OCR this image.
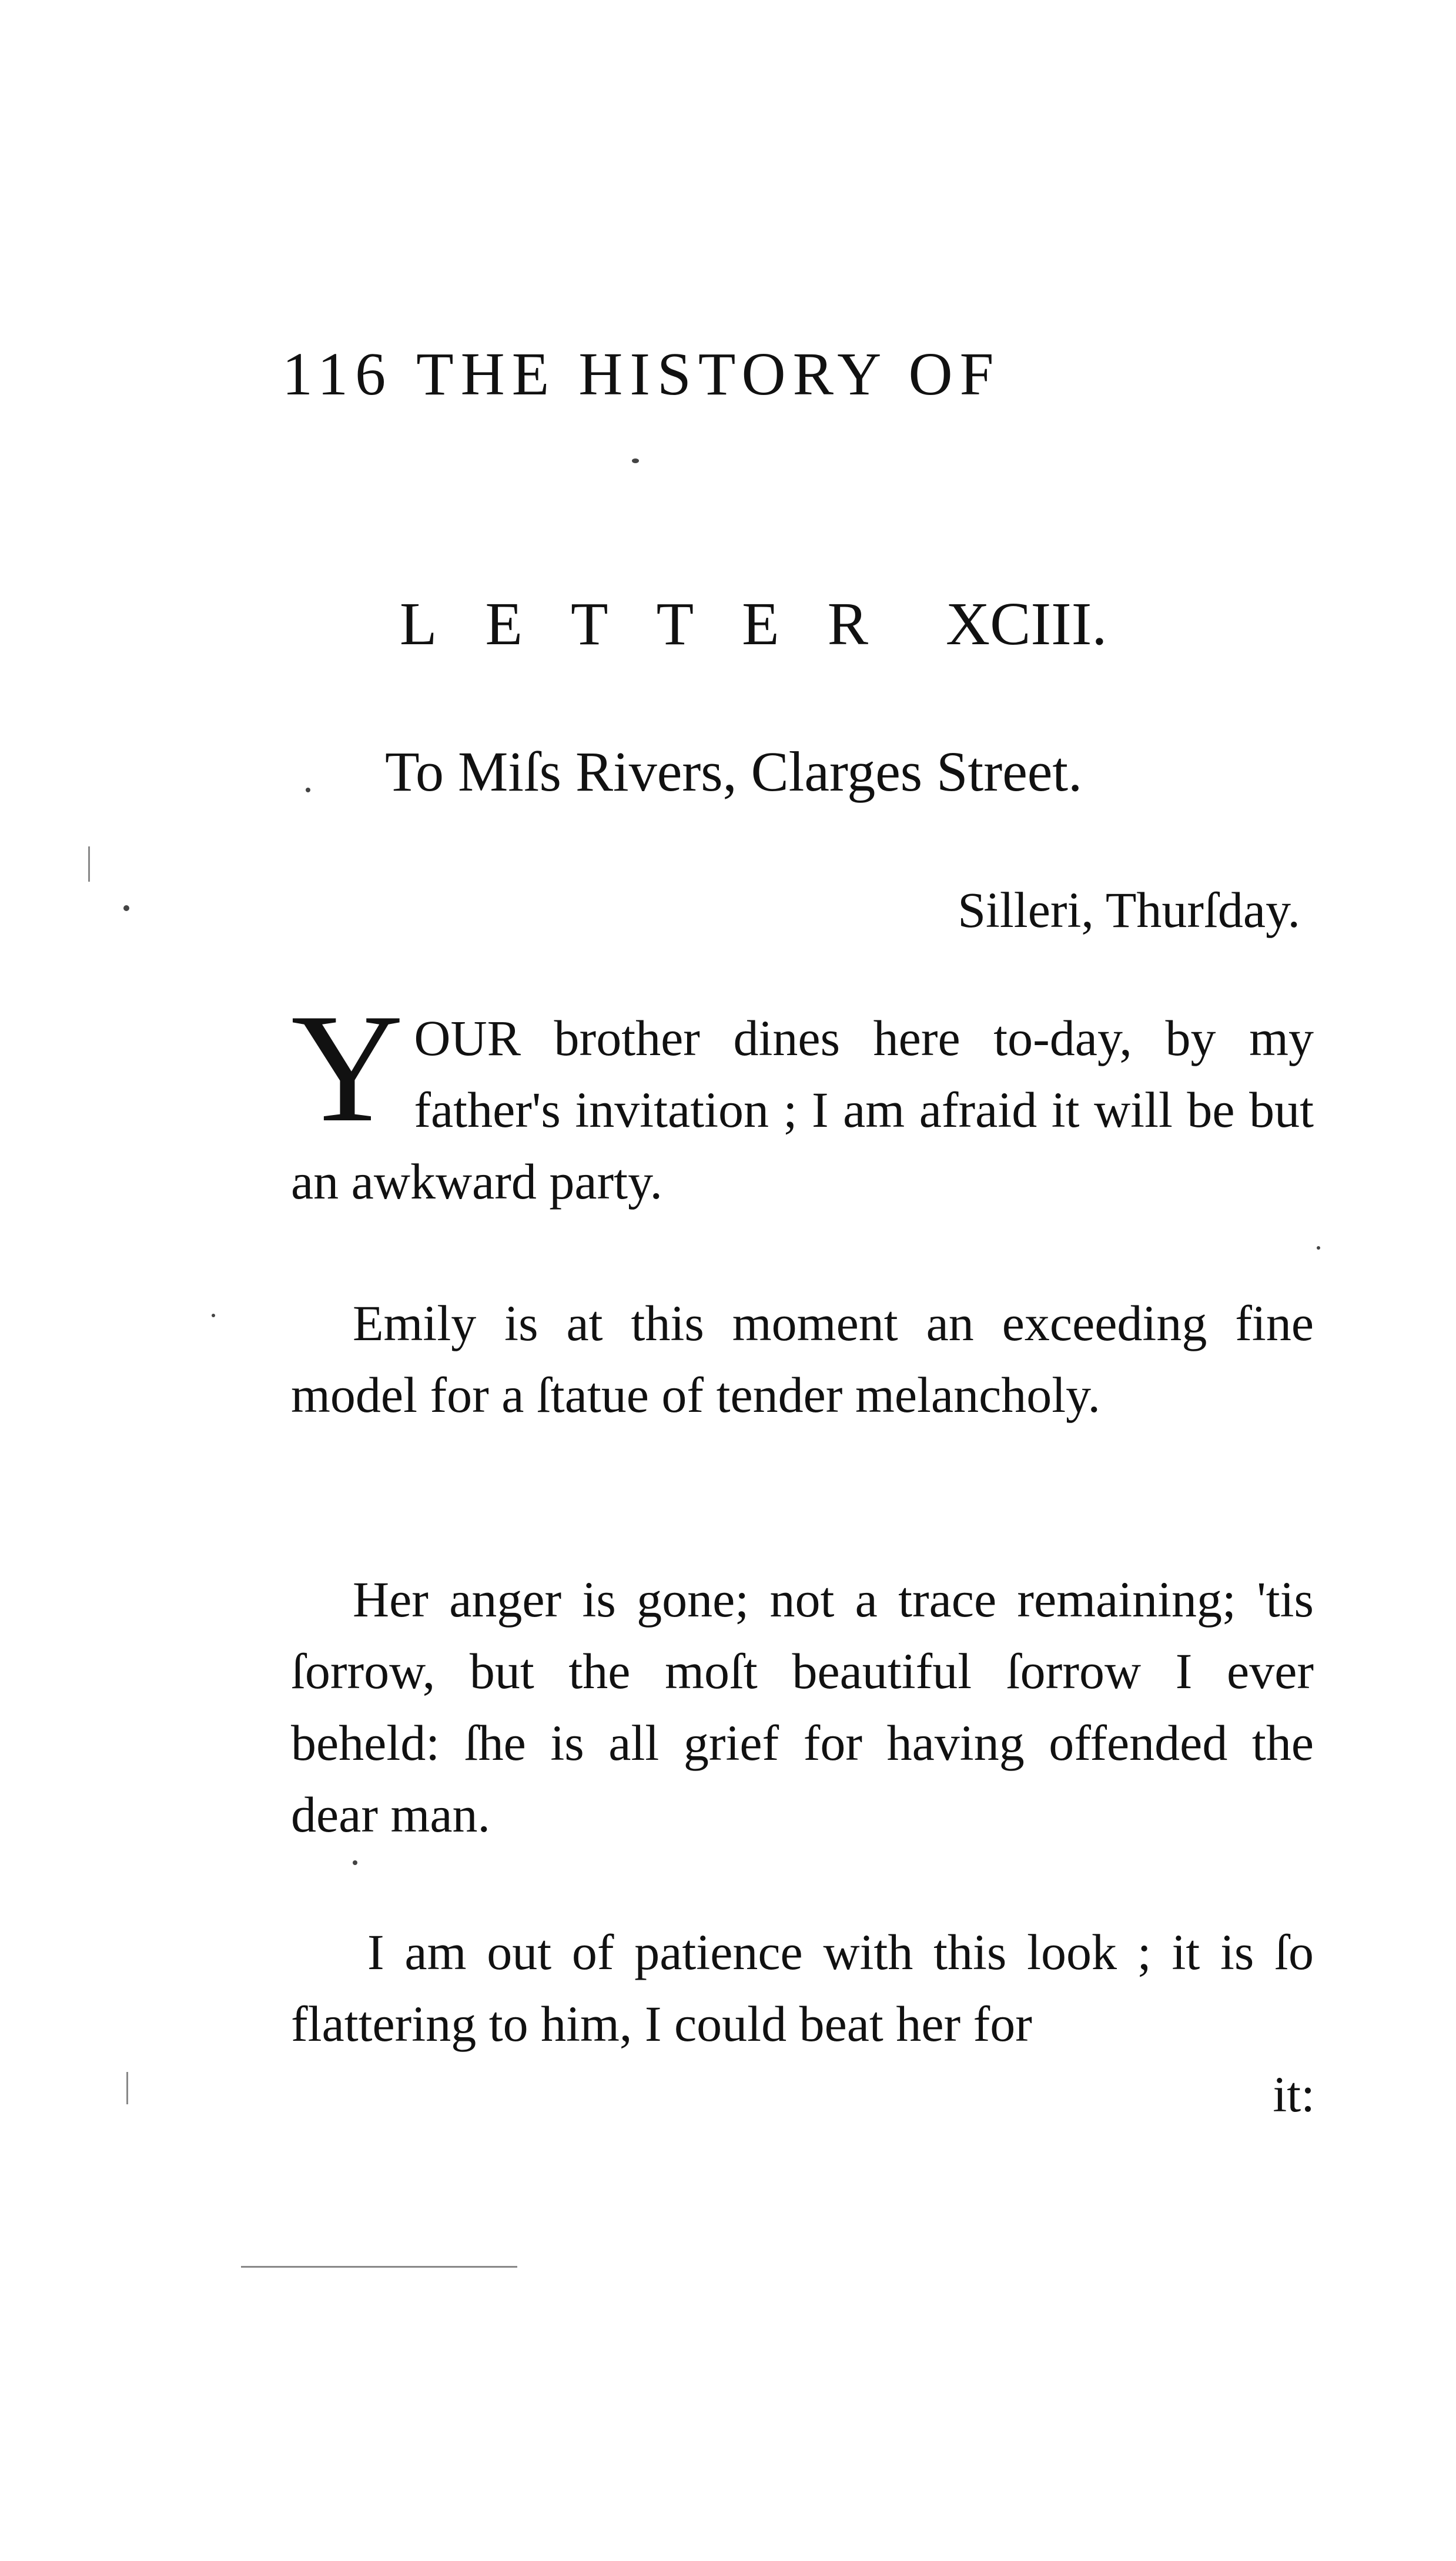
116 THE HISTORY OF
LETTER XCIII.
To Miſs Rivers, Clarges Street.
Silleri, Thurſday.

YOUR brother dines here to-day, by my father's invitation ; I am afraid it will be but an awkward party.

Emily is at this moment an exceeding fine model for a ſtatue of tender melancholy.

Her anger is gone; not a trace remaining; 'tis ſorrow, but the moſt beautiful ſorrow I ever beheld: ſhe is all grief for having offended the dear man.

I am out of patience with this look ; it is ſo flattering to him, I could beat her for

it:
